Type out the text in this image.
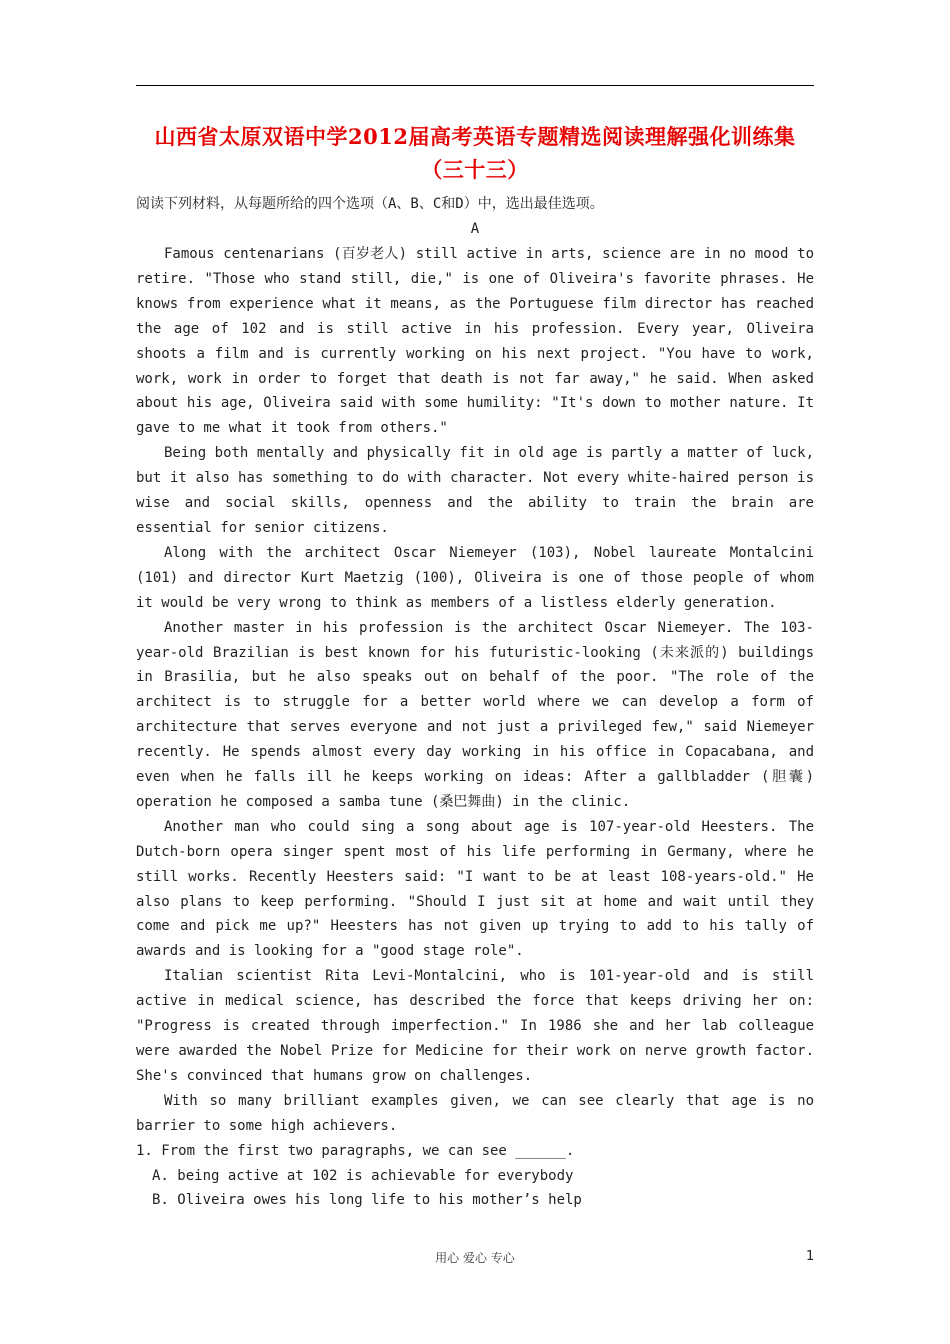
山西省太原双语中学2012届高考英语专题精选阅读理解强化训练集
（三十三）
阅读下列材料，从每题所给的四个选项（A、B、C和D）中，选出最佳选项。
A

Famous centenarians (百岁老人) still active in arts, science are in no mood to retire. "Those who stand still, die," is one of Oliveira's favorite phrases. He knows from experience what it means, as the Portuguese film director has reached the age of 102 and is still active in his profession. Every year, Oliveira shoots a film and is currently working on his next project. "You have to work, work, work in order to forget that death is not far away," he said. When asked about his age, Oliveira said with some humility: "It's down to mother nature. It gave to me what it took from others."

Being both mentally and physically fit in old age is partly a matter of luck, but it also has something to do with character. Not every white-haired person is wise and social skills, openness and the ability to train the brain are essential for senior citizens.

Along with the architect Oscar Niemeyer (103), Nobel laureate Montalcini (101) and director Kurt Maetzig (100), Oliveira is one of those people of whom it would be very wrong to think as members of a listless elderly generation.

Another master in his profession is the architect Oscar Niemeyer. The 103-year-old Brazilian is best known for his futuristic-looking (未来派的) buildings in Brasilia, but he also speaks out on behalf of the poor. "The role of the architect is to struggle for a better world where we can develop a form of architecture that serves everyone and not just a privileged few," said Niemeyer recently. He spends almost every day working in his office in Copacabana, and even when he falls ill he keeps working on ideas: After a gallbladder (胆囊) operation he composed a samba tune (桑巴舞曲) in the clinic.

Another man who could sing a song about age is 107-year-old Heesters. The Dutch-born opera singer spent most of his life performing in Germany, where he still works. Recently Heesters said: "I want to be at least 108-years-old." He also plans to keep performing. "Should I just sit at home and wait until they come and pick me up?" Heesters has not given up trying to add to his tally of awards and is looking for a "good stage role".

Italian scientist Rita Levi-Montalcini, who is 101-year-old and is still active in medical science, has described the force that keeps driving her on: "Progress is created through imperfection." In 1986 she and her lab colleague were awarded the Nobel Prize for Medicine for their work on nerve growth factor. She's convinced that humans grow on challenges.

With so many brilliant examples given, we can see clearly that age is no barrier to some high achievers.

1. From the first two paragraphs, we can see ______.

A. being active at 102 is achievable for everybody

B. Oliveira owes his long life to his mother’s help

用心 爱心 专心	1
